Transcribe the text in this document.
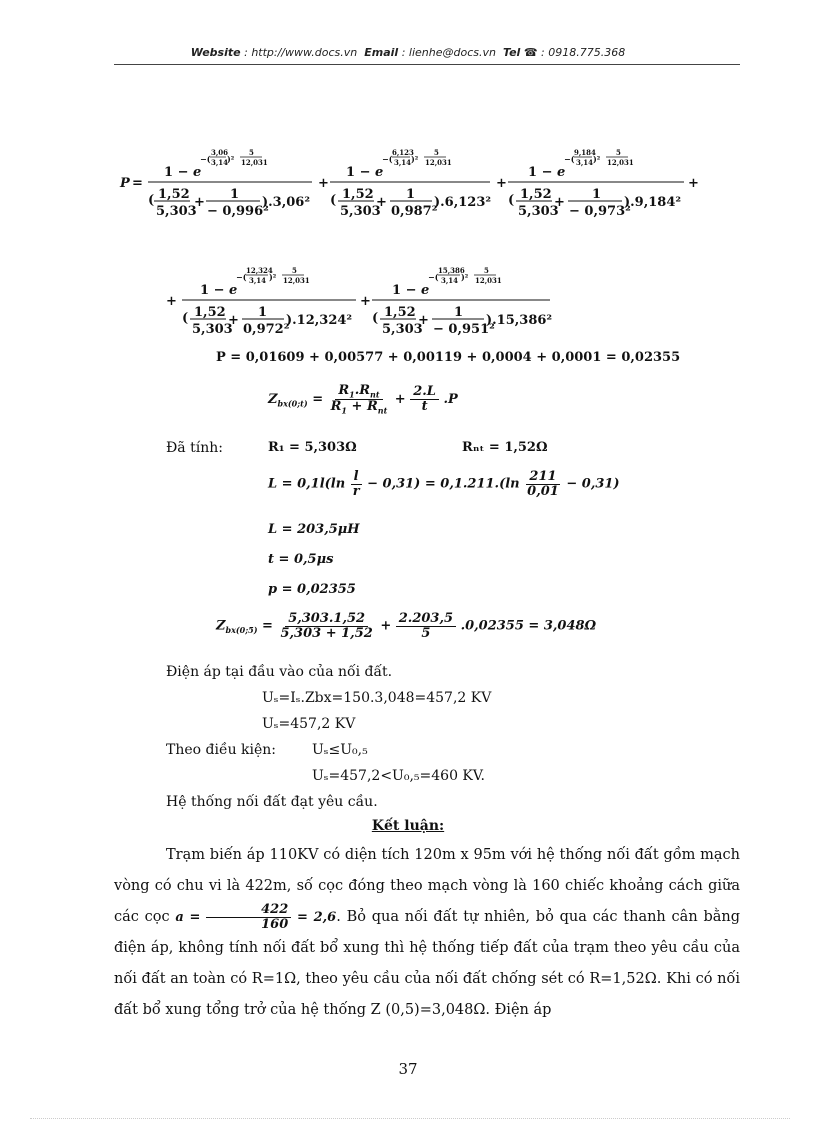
Website : http://www.docs.vn Email : lienhe@docs.vn Tel ☎ : 0918.775.368
P =
1 − e
−(
3,06
3,14
)²
5
12,031
( 1,52
5,303
+
1
− 0,996²
).3,06²
+
1 − e
−(
6,123
3,14 )²
5
12,031
( 1,52
5,303
+
1
0,987²
).6,123²
+
1 − e
−(
9,184
3,14 )²
5
12,031
( 1,52
5,303
+
1
− 0,973²
).9,184²
+
+
1 − e
−(
12,324
3,14 )²
5
12,031
( 1,52
5,303
+
1
0,972²
).12,324²
+
1 − e
−(
15,386
3,14 )²
5
12,031
( 1,52
5,303
+
1
− 0,951²
).15,386²
P = 0,01609 + 0,00577 + 0,00119 + 0,0004 + 0,0001 = 0,02355
$Z_{bx(0;t)} = \frac{R_1.R_{nt}}{R_1 + R_{nt}} + \frac{2.L}{t} .P$
Đã tính:	R₁ = 5,303Ω	Rₙₜ = 1,52Ω
$L = 0,1l(\ln \frac{l}{r} - 0,31) = 0,1.211.(\ln \frac{211}{0,01} - 0,31)$
L = 203,5μH
t = 0,5μs
p = 0,02355
$Z_{bx(0;5)} = \frac{5,303.1,52}{5,303 + 1,52} + \frac{2.203,5}{5} .0,02355 = 3,048\Omega$
Điện áp tại đầu vào của nối đất.
Uₛ=Iₛ.Zbx=150.3,048=457,2 KV
Uₛ=457,2 KV
Theo điều kiện:	Uₛ≤U₀,₅
Uₛ=457,2<U₀,₅=460 KV.
Hệ thống nối đất đạt yêu cầu.
Kết luận:
Trạm biến áp 110KV có diện tích 120m x 95m với hệ thống nối đất gồm mạch vòng có chu vi là 422m, số cọc đóng theo mạch vòng là 160 chiếc khoảng cách giữa các cọc $a = \frac{422}{160} = 2,6$. Bỏ qua nối đất tự nhiên, bỏ qua các thanh cân bằng điện áp, không tính nối đất bổ xung thì hệ thống tiếp đất của trạm theo yêu cầu của nối đất an toàn có R=1Ω, theo yêu cầu của nối đất chống sét có R=1,52Ω. Khi có nối đất bổ xung tổng trở của hệ thống Z (0,5)=3,048Ω. Điện áp
37
